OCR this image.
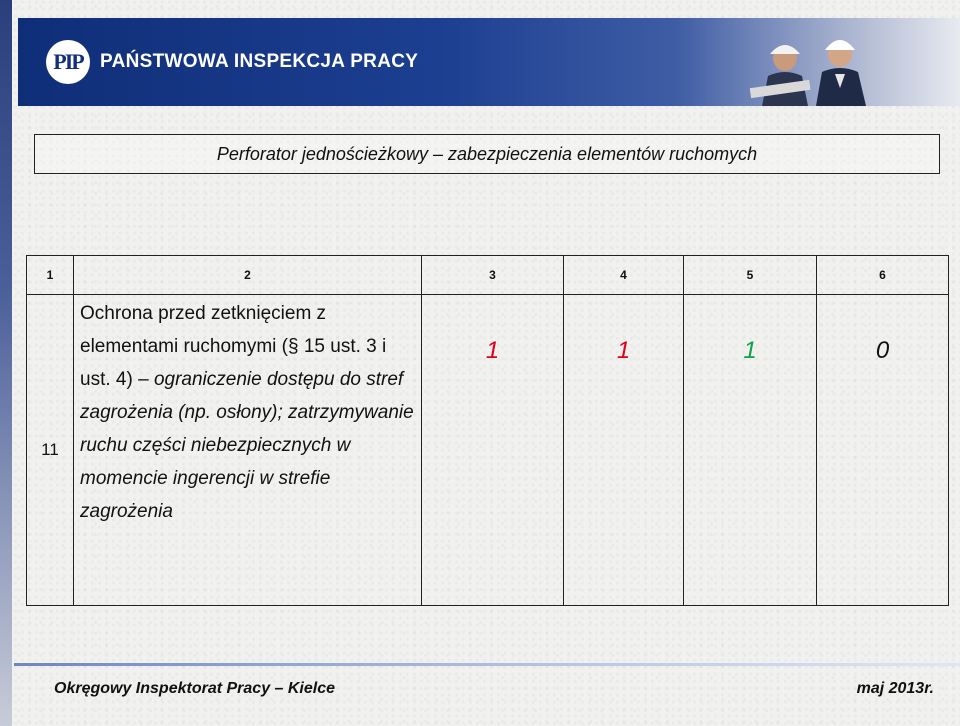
PIP PAŃSTWOWA INSPEKCJA PRACY
Perforator jednościeżkowy – zabezpieczenia elementów ruchomych
1	2	3	4	5	6
11	Ochrona przed zetknięciem z elementami ruchomymi (§ 15 ust. 3 i ust. 4) – ograniczenie dostępu do stref zagrożenia (np. osłony); zatrzymywanie ruchu części niebezpiecznych w momencie ingerencji w strefie zagrożenia	1	1	1	0
Okręgowy Inspektorat Pracy – Kielce	maj 2013r.
